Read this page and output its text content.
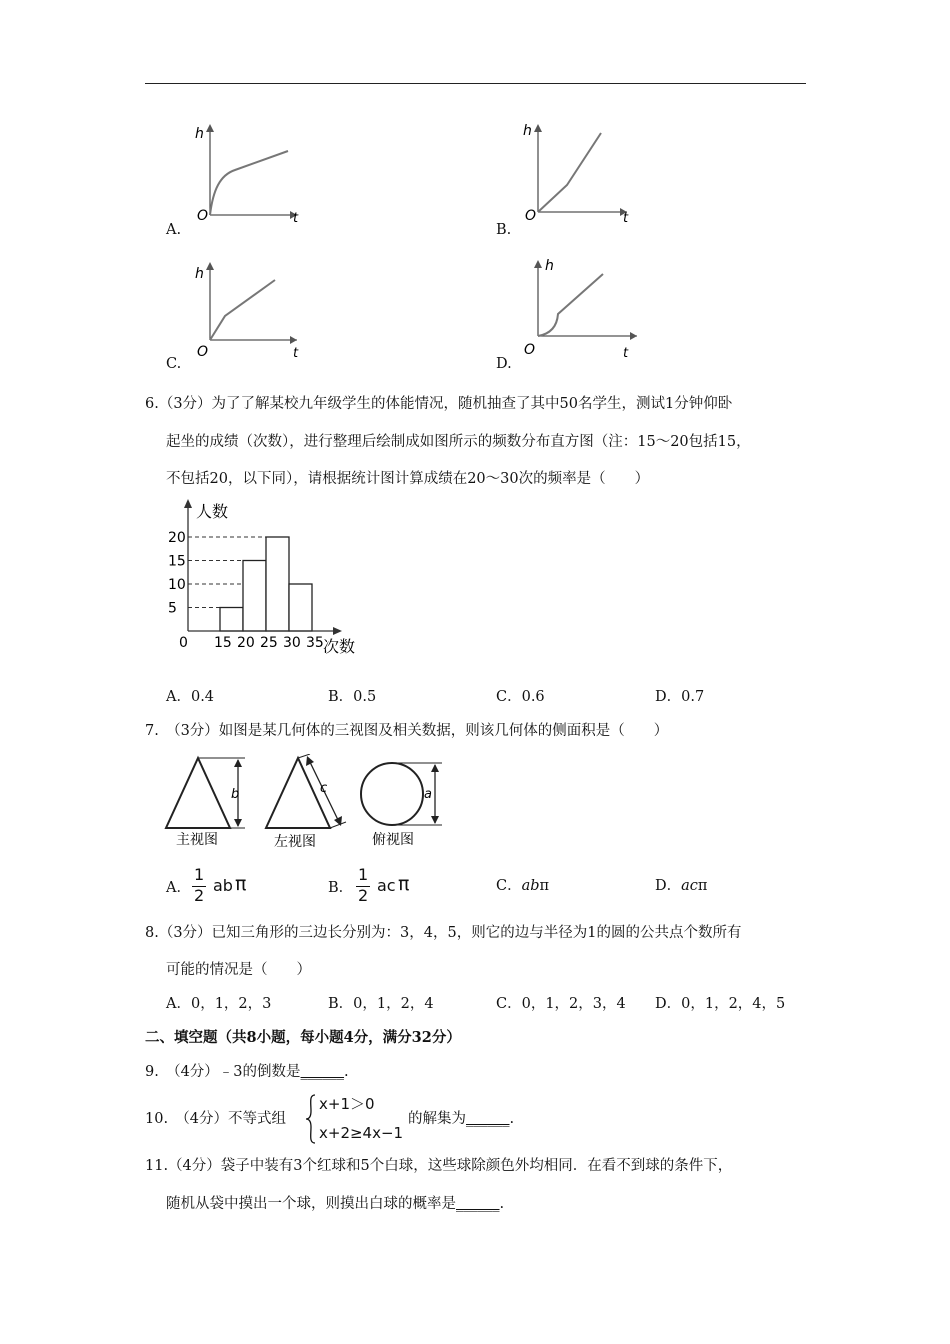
h
t
O
A.
h
t
O
B.
h
t
O
C.
h
t
O
D.
6.（3分）为了了解某校九年级学生的体能情况，随机抽查了其中50名学生，测试1分钟仰卧
起坐的成绩（次数），进行整理后绘制成如图所示的频数分布直方图（注：15～20包括15，
不包括20，以下同），请根据统计图计算成绩在20～30次的频率是（　　）
5
10
15
20
0 15 20 25 30 35
人数
次数
A．0.4	B．0.5	C．0.6	D．0.7
7.　（3分）如图是某几何体的三视图及相关数据，则该几何体的侧面积是（　　）
b
主视图
c
左视图
a
俯视图
A．
1
2
ab π	B．
1
2
ac π	C．abπ	D．acπ
8.（3分）已知三角形的三边长分别为：3，4，5，则它的边与半径为1的圆的公共点个数所有
可能的情况是（　　）
A．0，1，2，3	B．0，1，2，4	C．0，1，2，3，4 D．0，1，2，4，5
二、填空题（共8小题，每小题4分，满分32分）
9.　（4分）﹣3的倒数是______.
10.　（4分）不等式组
x+1＞0
x+2≥4x−1
的解集为______.
11.（4分）袋子中装有3个红球和5个白球，这些球除颜色外均相同．在看不到球的条件下，
随机从袋中摸出一个球，则摸出白球的概率是______.
